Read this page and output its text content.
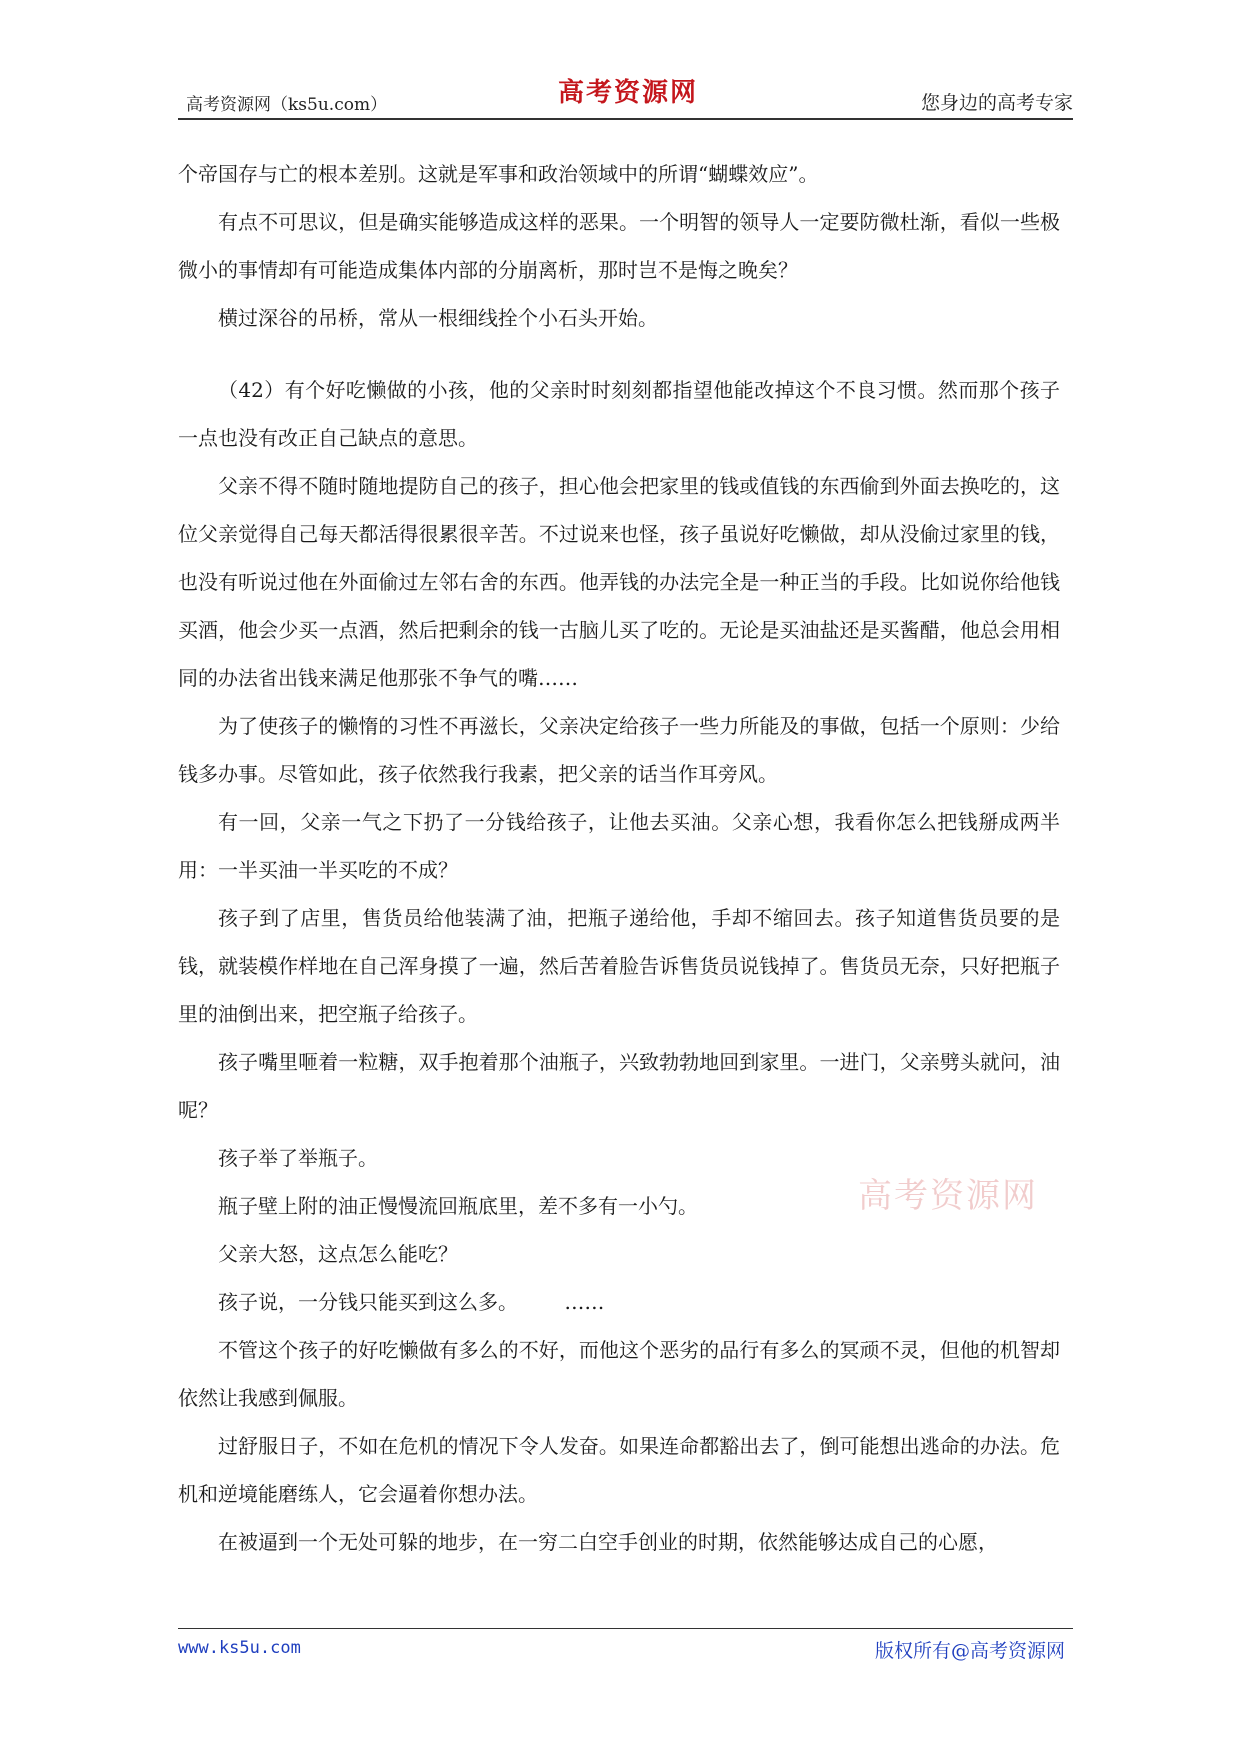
高考资源网（ks5u.com）	高考资源网	您身边的高考专家

个帝国存与亡的根本差别。这就是军事和政治领域中的所谓“蝴蝶效应”。

有点不可思议，但是确实能够造成这样的恶果。一个明智的领导人一定要防微杜渐，看似一些极微小的事情却有可能造成集体内部的分崩离析，那时岂不是悔之晚矣？

横过深谷的吊桥，常从一根细线拴个小石头开始。

（42）有个好吃懒做的小孩，他的父亲时时刻刻都指望他能改掉这个不良习惯。然而那个孩子一点也没有改正自己缺点的意思。

父亲不得不随时随地提防自己的孩子，担心他会把家里的钱或值钱的东西偷到外面去换吃的，这位父亲觉得自己每天都活得很累很辛苦。不过说来也怪，孩子虽说好吃懒做，却从没偷过家里的钱，也没有听说过他在外面偷过左邻右舍的东西。他弄钱的办法完全是一种正当的手段。比如说你给他钱买酒，他会少买一点酒，然后把剩余的钱一古脑儿买了吃的。无论是买油盐还是买酱醋，他总会用相同的办法省出钱来满足他那张不争气的嘴……

为了使孩子的懒惰的习性不再滋长，父亲决定给孩子一些力所能及的事做，包括一个原则：少给钱多办事。尽管如此，孩子依然我行我素，把父亲的话当作耳旁风。

有一回，父亲一气之下扔了一分钱给孩子，让他去买油。父亲心想，我看你怎么把钱掰成两半用：一半买油一半买吃的不成？

孩子到了店里，售货员给他装满了油，把瓶子递给他，手却不缩回去。孩子知道售货员要的是钱，就装模作样地在自己浑身摸了一遍，然后苦着脸告诉售货员说钱掉了。售货员无奈，只好把瓶子里的油倒出来，把空瓶子给孩子。

孩子嘴里咂着一粒糖，双手抱着那个油瓶子，兴致勃勃地回到家里。一进门，父亲劈头就问，油呢？

孩子举了举瓶子。

瓶子壁上附的油正慢慢流回瓶底里，差不多有一小勺。

父亲大怒，这点怎么能吃？

孩子说，一分钱只能买到这么多。 ……

不管这个孩子的好吃懒做有多么的不好，而他这个恶劣的品行有多么的冥顽不灵，但他的机智却依然让我感到佩服。

过舒服日子，不如在危机的情况下令人发奋。如果连命都豁出去了，倒可能想出逃命的办法。危机和逆境能磨练人，它会逼着你想办法。

在被逼到一个无处可躲的地步，在一穷二白空手创业的时期，依然能够达成自己的心愿，

高考资源网
www.ks5u.com	版权所有@高考资源网
